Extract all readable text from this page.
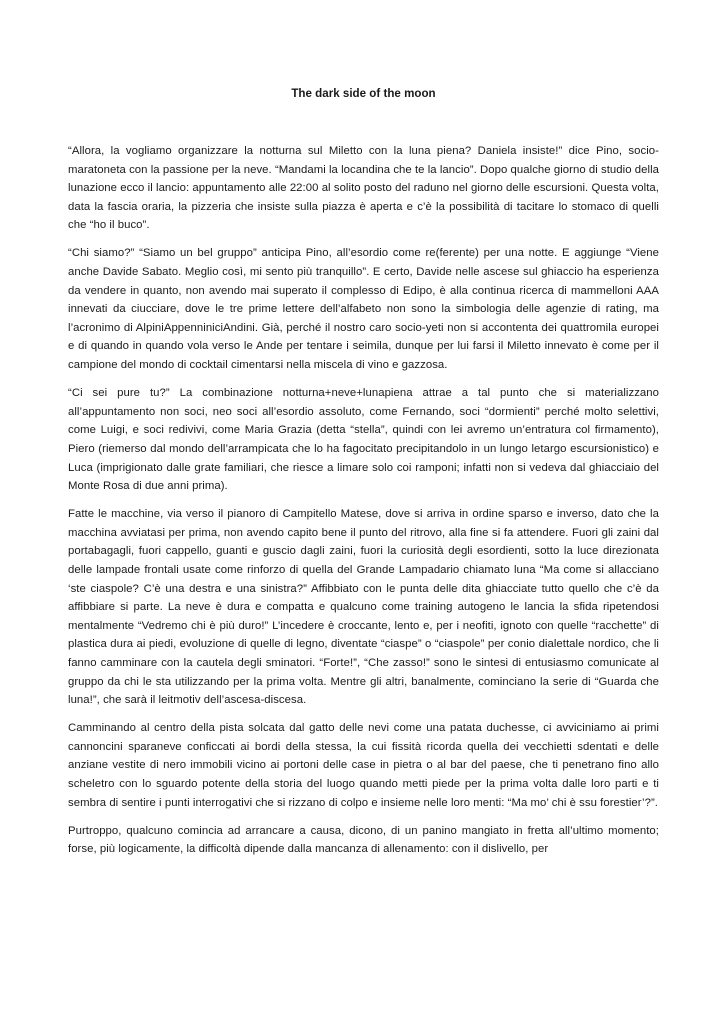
The dark side of the moon

“Allora, la vogliamo organizzare la notturna sul Miletto con la luna piena? Daniela insiste!” dice Pino, socio-maratoneta con la passione per la neve. “Mandami la locandina che te la lancio”. Dopo qualche giorno di studio della lunazione ecco il lancio: appuntamento alle 22:00 al solito posto del raduno nel giorno delle escursioni. Questa volta, data la fascia oraria, la pizzeria che insiste sulla piazza è aperta e c’è la possibilità di tacitare lo stomaco di quelli che “ho il buco”.

“Chi siamo?” “Siamo un bel gruppo” anticipa Pino, all’esordio come re(ferente) per una notte. E aggiunge “Viene anche Davide Sabato. Meglio così, mi sento più tranquillo”. E certo, Davide nelle ascese sul ghiaccio ha esperienza da vendere in quanto, non avendo mai superato il complesso di Edipo, è alla continua ricerca di mammelloni AAA innevati da ciucciare, dove le tre prime lettere dell’alfabeto non sono la simbologia delle agenzie di rating, ma l’acronimo di AlpiniAppenniniciAndini. Già, perché il nostro caro socio-yeti non si accontenta dei quattromila europei e di quando in quando vola verso le Ande per tentare i seimila, dunque per lui farsi il Miletto innevato è come per il campione del mondo di cocktail cimentarsi nella miscela di vino e gazzosa.

“Ci sei pure tu?” La combinazione notturna+neve+lunapiena attrae a tal punto che si materializzano all’appuntamento non soci, neo soci all’esordio assoluto, come Fernando, soci “dormienti” perché molto selettivi, come Luigi, e soci redivivi, come Maria Grazia (detta “stella”, quindi con lei avremo un’entratura col firmamento), Piero (riemerso dal mondo dell’arrampicata che lo ha fagocitato precipitandolo in un lungo letargo escursionistico) e Luca (imprigionato dalle grate familiari, che riesce a limare solo coi ramponi; infatti non si vedeva dal ghiacciaio del Monte Rosa di due anni prima).

Fatte le macchine, via verso il pianoro di Campitello Matese, dove si arriva in ordine sparso e inverso, dato che la macchina avviatasi per prima, non avendo capito bene il punto del ritrovo, alla fine si fa attendere. Fuori gli zaini dal portabagagli, fuori cappello, guanti e guscio dagli zaini, fuori la curiosità degli esordienti, sotto la luce direzionata delle lampade frontali usate come rinforzo di quella del Grande Lampadario chiamato luna “Ma come si allacciano ‘ste ciaspole? C’è una destra e una sinistra?” Affibbiato con le punta delle dita ghiacciate tutto quello che c’è da affibbiare si parte. La neve è dura e compatta e qualcuno come training autogeno le lancia la sfida ripetendosi mentalmente “Vedremo chi è più duro!” L’incedere è croccante, lento e, per i neofiti, ignoto con quelle “racchette” di plastica dura ai piedi, evoluzione di quelle di legno, diventate “ciaspe” o “ciaspole” per conio dialettale nordico, che li fanno camminare con la cautela degli sminatori. “Forte!”, “Che zasso!” sono le sintesi di entusiasmo comunicate al gruppo da chi le sta utilizzando per la prima volta. Mentre gli altri, banalmente, cominciano la serie di “Guarda che luna!”, che sarà il leitmotiv dell’ascesa-discesa.

Camminando al centro della pista solcata dal gatto delle nevi come una patata duchesse, ci avviciniamo ai primi cannoncini sparaneve conficcati ai bordi della stessa, la cui fissità ricorda quella dei vecchietti sdentati e delle anziane vestite di nero immobili vicino ai portoni delle case in pietra o al bar del paese, che ti penetrano fino allo scheletro con lo sguardo potente della storia del luogo quando metti piede per la prima volta dalle loro parti e ti sembra di sentire i punti interrogativi che si rizzano di colpo e insieme nelle loro menti: “Ma mo’ chi è ssu forestier’?”.

Purtroppo, qualcuno comincia ad arrancare a causa, dicono, di un panino mangiato in fretta all’ultimo momento; forse, più logicamente, la difficoltà dipende dalla mancanza di allenamento: con il dislivello, per
